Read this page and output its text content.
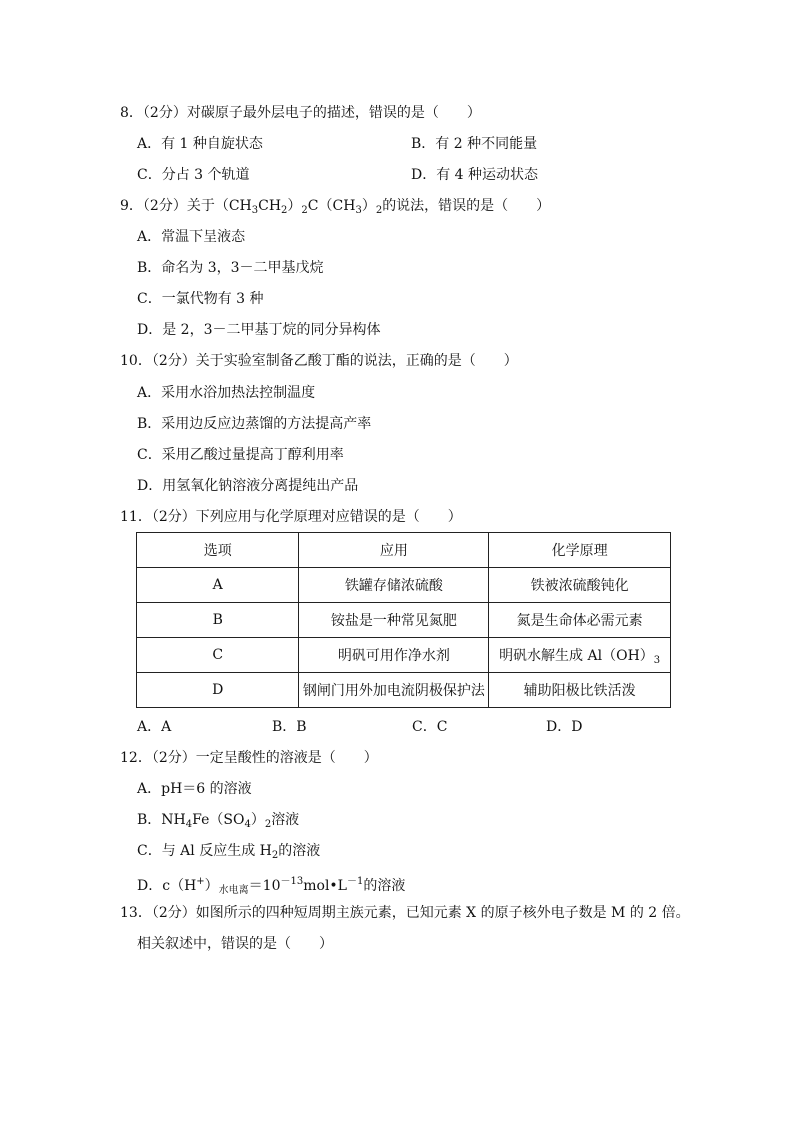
8．（2分）对碳原子最外层电子的描述，错误的是（　　）
A．有 1 种自旋状态	B．有 2 种不同能量
C．分占 3 个轨道	D．有 4 种运动状态
9．（2分）关于$(CH_3CH_2)_2C(CH_3)_2$的说法，错误的是（　　）
A．常温下呈液态
B．命名为 3，3－二甲基戊烷
C．一氯代物有 3 种
D．是 2，3－二甲基丁烷的同分异构体
10．（2分）关于实验室制备乙酸丁酯的说法，正确的是（　　）
A．采用水浴加热法控制温度
B．采用边反应边蒸馏的方法提高产率
C．采用乙酸过量提高丁醇利用率
D．用氢氧化钠溶液分离提纯出产品
11．（2分）下列应用与化学原理对应错误的是（　　）
选项	应用	化学原理
A	铁罐存储浓硫酸	铁被浓硫酸钝化
B	铵盐是一种常见氮肥	氮是生命体必需元素
C	明矾可用作净水剂	明矾水解生成 $Al(OH)_3$
D	钢闸门用外加电流阴极保护法	辅助阳极比铁活泼
A．A	B．B	C．C	D．D
12．（2分）一定呈酸性的溶液是（　　）
A．pH＝6 的溶液
B．$NH_4Fe(SO_4)_2$溶液
C．与 Al 反应生成 $H_2$的溶液
D．$c(H^+)_{水电离}=10^{-13}mol•L^{-1}$的溶液
13．（2分）如图所示的四种短周期主族元素，已知元素 X 的原子核外电子数是 M 的 2 倍。
相关叙述中，错误的是（　　）
